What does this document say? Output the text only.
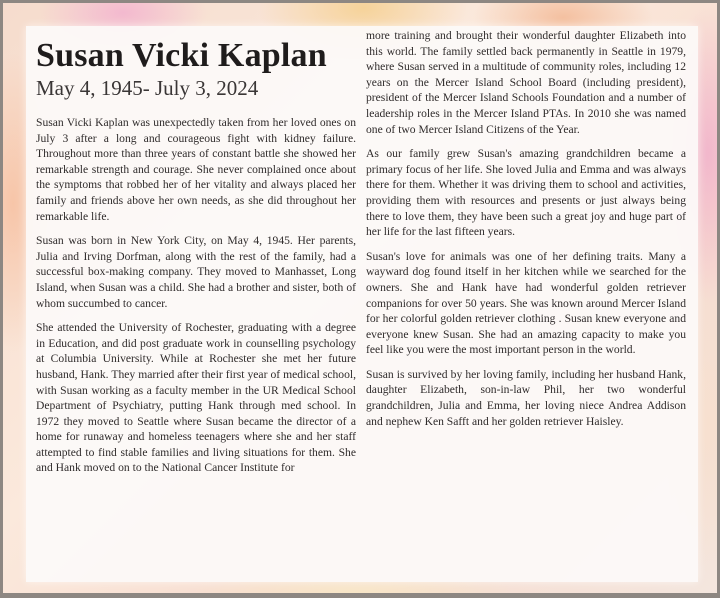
Susan Vicki Kaplan
May 4, 1945- July 3, 2024

Susan Vicki Kaplan was unexpectedly taken from her loved ones on July 3 after a long and courageous fight with kidney failure. Throughout more than three years of constant battle she showed her remarkable strength and courage. She never complained once about the symptoms that robbed her of her vitality and always placed her family and friends above her own needs, as she did throughout her remarkable life.

Susan was born in New York City, on May 4, 1945. Her parents, Julia and Irving Dorfman, along with the rest of the family, had a successful box-making company. They moved to Manhasset, Long Island, when Susan was a child. She had a brother and sister, both of whom succumbed to cancer.

She attended the University of Rochester, graduating with a degree in Education, and did post graduate work in counselling psychology at Columbia University. While at Rochester she met her future husband, Hank. They married after their first year of medical school, with Susan working as a faculty member in the UR Medical School Department of Psychiatry, putting Hank through med school. In 1972 they moved to Seattle where Susan became the director of a home for runaway and homeless teenagers where she and her staff attempted to find stable families and living situations for them. She and Hank moved on to the National Cancer Institute for

more training and brought their wonderful daughter Elizabeth into this world. The family settled back permanently in Seattle in 1979, where Susan served in a multitude of community roles, including 12 years on the Mercer Island School Board (including president), president of the Mercer Island Schools Foundation and a number of leadership roles in the Mercer Island PTAs. In 2010 she was named one of two Mercer Island Citizens of the Year.

As our family grew Susan's amazing grandchildren became a primary focus of her life. She loved Julia and Emma and was always there for them. Whether it was driving them to school and activities, providing them with resources and presents or just always being there to love them, they have been such a great joy and huge part of her life for the last fifteen years.

Susan's love for animals was one of her defining traits. Many a wayward dog found itself in her kitchen while we searched for the owners. She and Hank have had wonderful golden retriever companions for over 50 years. She was known around Mercer Island for her colorful golden retriever clothing . Susan knew everyone and everyone knew Susan. She had an amazing capacity to make you feel like you were the most important person in the world.

Susan is survived by her loving family, including her husband Hank, daughter Elizabeth, son-in-law Phil, her two wonderful grandchildren, Julia and Emma, her loving niece Andrea Addison and nephew Ken Safft and her golden retriever Haisley.
